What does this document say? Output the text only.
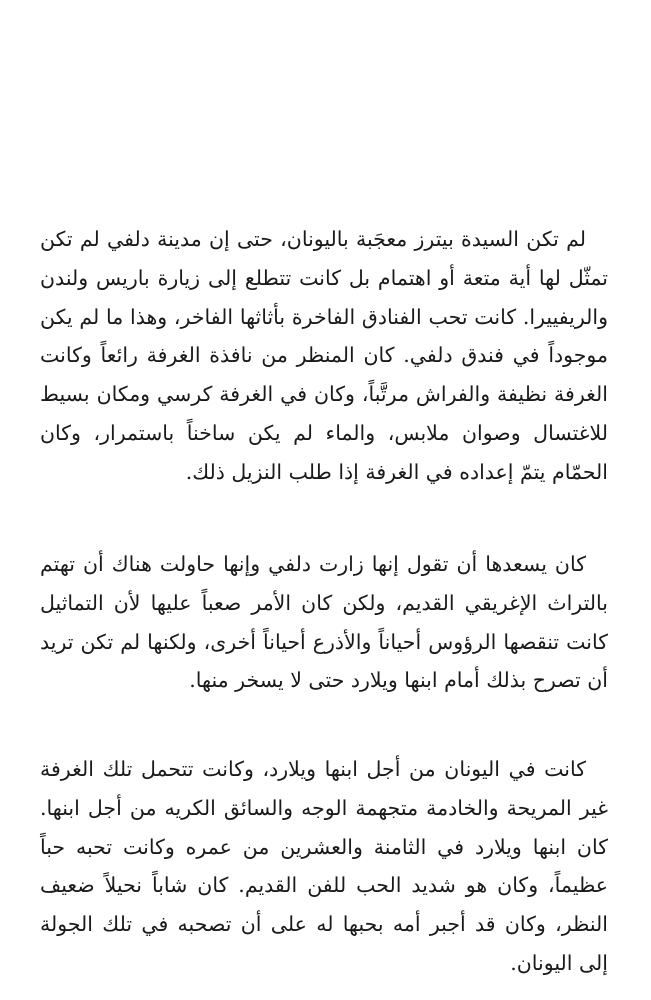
لم تكن السيدة بيترز معجَبة باليونان، حتى إن مدينة دلفي لم تكن تمثّل لها أية متعة أو اهتمام بل كانت تتطلع إلى زيارة باريس ولندن والريفييرا. كانت تحب الفنادق الفاخرة بأثاثها الفاخر، وهذا ما لم يكن موجوداً في فندق دلفي. كان المنظر من نافذة الغرفة رائعاً وكانت الغرفة نظيفة والفراش مرتَّباً، وكان في الغرفة كرسي ومكان بسيط للاغتسال وصوان ملابس، والماء لم يكن ساخناً باستمرار، وكان الحمّام يتمّ إعداده في الغرفة إذا طلب النزيل ذلك.

كان يسعدها أن تقول إنها زارت دلفي وإنها حاولت هناك أن تهتم بالتراث الإغريقي القديم، ولكن كان الأمر صعباً عليها لأن التماثيل كانت تنقصها الرؤوس أحياناً والأذرع أحياناً أخرى، ولكنها لم تكن تريد أن تصرح بذلك أمام ابنها ويلارد حتى لا يسخر منها.

كانت في اليونان من أجل ابنها ويلارد، وكانت تتحمل تلك الغرفة غير المريحة والخادمة متجهمة الوجه والسائق الكريه من أجل ابنها. كان ابنها ويلارد في الثامنة والعشرين من عمره وكانت تحبه حباً عظيماً، وكان هو شديد الحب للفن القديم. كان شاباً نحيلاً ضعيف النظر، وكان قد أجبر أمه بحبها له على أن تصحبه في تلك الجولة إلى اليونان.
